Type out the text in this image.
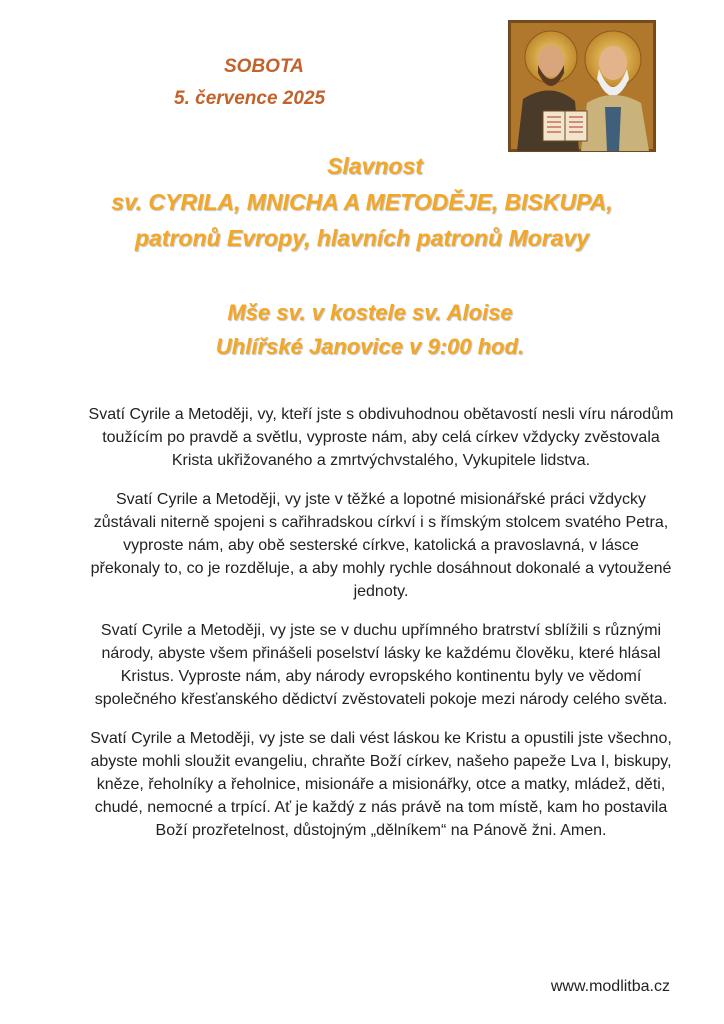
SOBOTA
5. července 2025
Slavnost
sv. CYRILA, MNICHA A METODĚJE, BISKUPA,
patronů Evropy, hlavních patronů Moravy
Mše sv. v kostele sv. Aloise
Uhlířské Janovice v 9:00 hod.

Svatí Cyrile a Metoději, vy, kteří jste s obdivuhodnou obětavostí nesli víru národům toužícím po pravdě a světlu, vyproste nám, aby celá církev vždycky zvěstovala Krista ukřižovaného a zmrtvýchvstalého, Vykupitele lidstva.

Svatí Cyrile a Metoději, vy jste v těžké a lopotné misionářské práci vždycky zůstávali niterně spojeni s cařihradskou církví i s římským stolcem svatého Petra, vyproste nám, aby obě sesterské církve, katolická a pravoslavná, v lásce překonaly to, co je rozděluje, a aby mohly rychle dosáhnout dokonalé a vytoužené jednoty.

Svatí Cyrile a Metoději, vy jste se v duchu upřímného bratrství sblížili s různými národy, abyste všem přinášeli poselství lásky ke každému člověku, které hlásal Kristus. Vyproste nám, aby národy evropského kontinentu byly ve vědomí společného křesťanského dědictví zvěstovateli pokoje mezi národy celého světa.

Svatí Cyrile a Metoději, vy jste se dali vést láskou ke Kristu a opustili jste všechno, abyste mohli sloužit evangeliu, chraňte Boží církev, našeho papeže Lva I, biskupy, kněze, řeholníky a řeholnice, misionáře a misionářky, otce a matky, mládež, děti, chudé, nemocné a trpící. Ať je každý z nás právě na tom místě, kam ho postavila Boží prozřetelnost, důstojným „dělníkem“ na Pánově žni. Amen.

www.modlitba.cz
